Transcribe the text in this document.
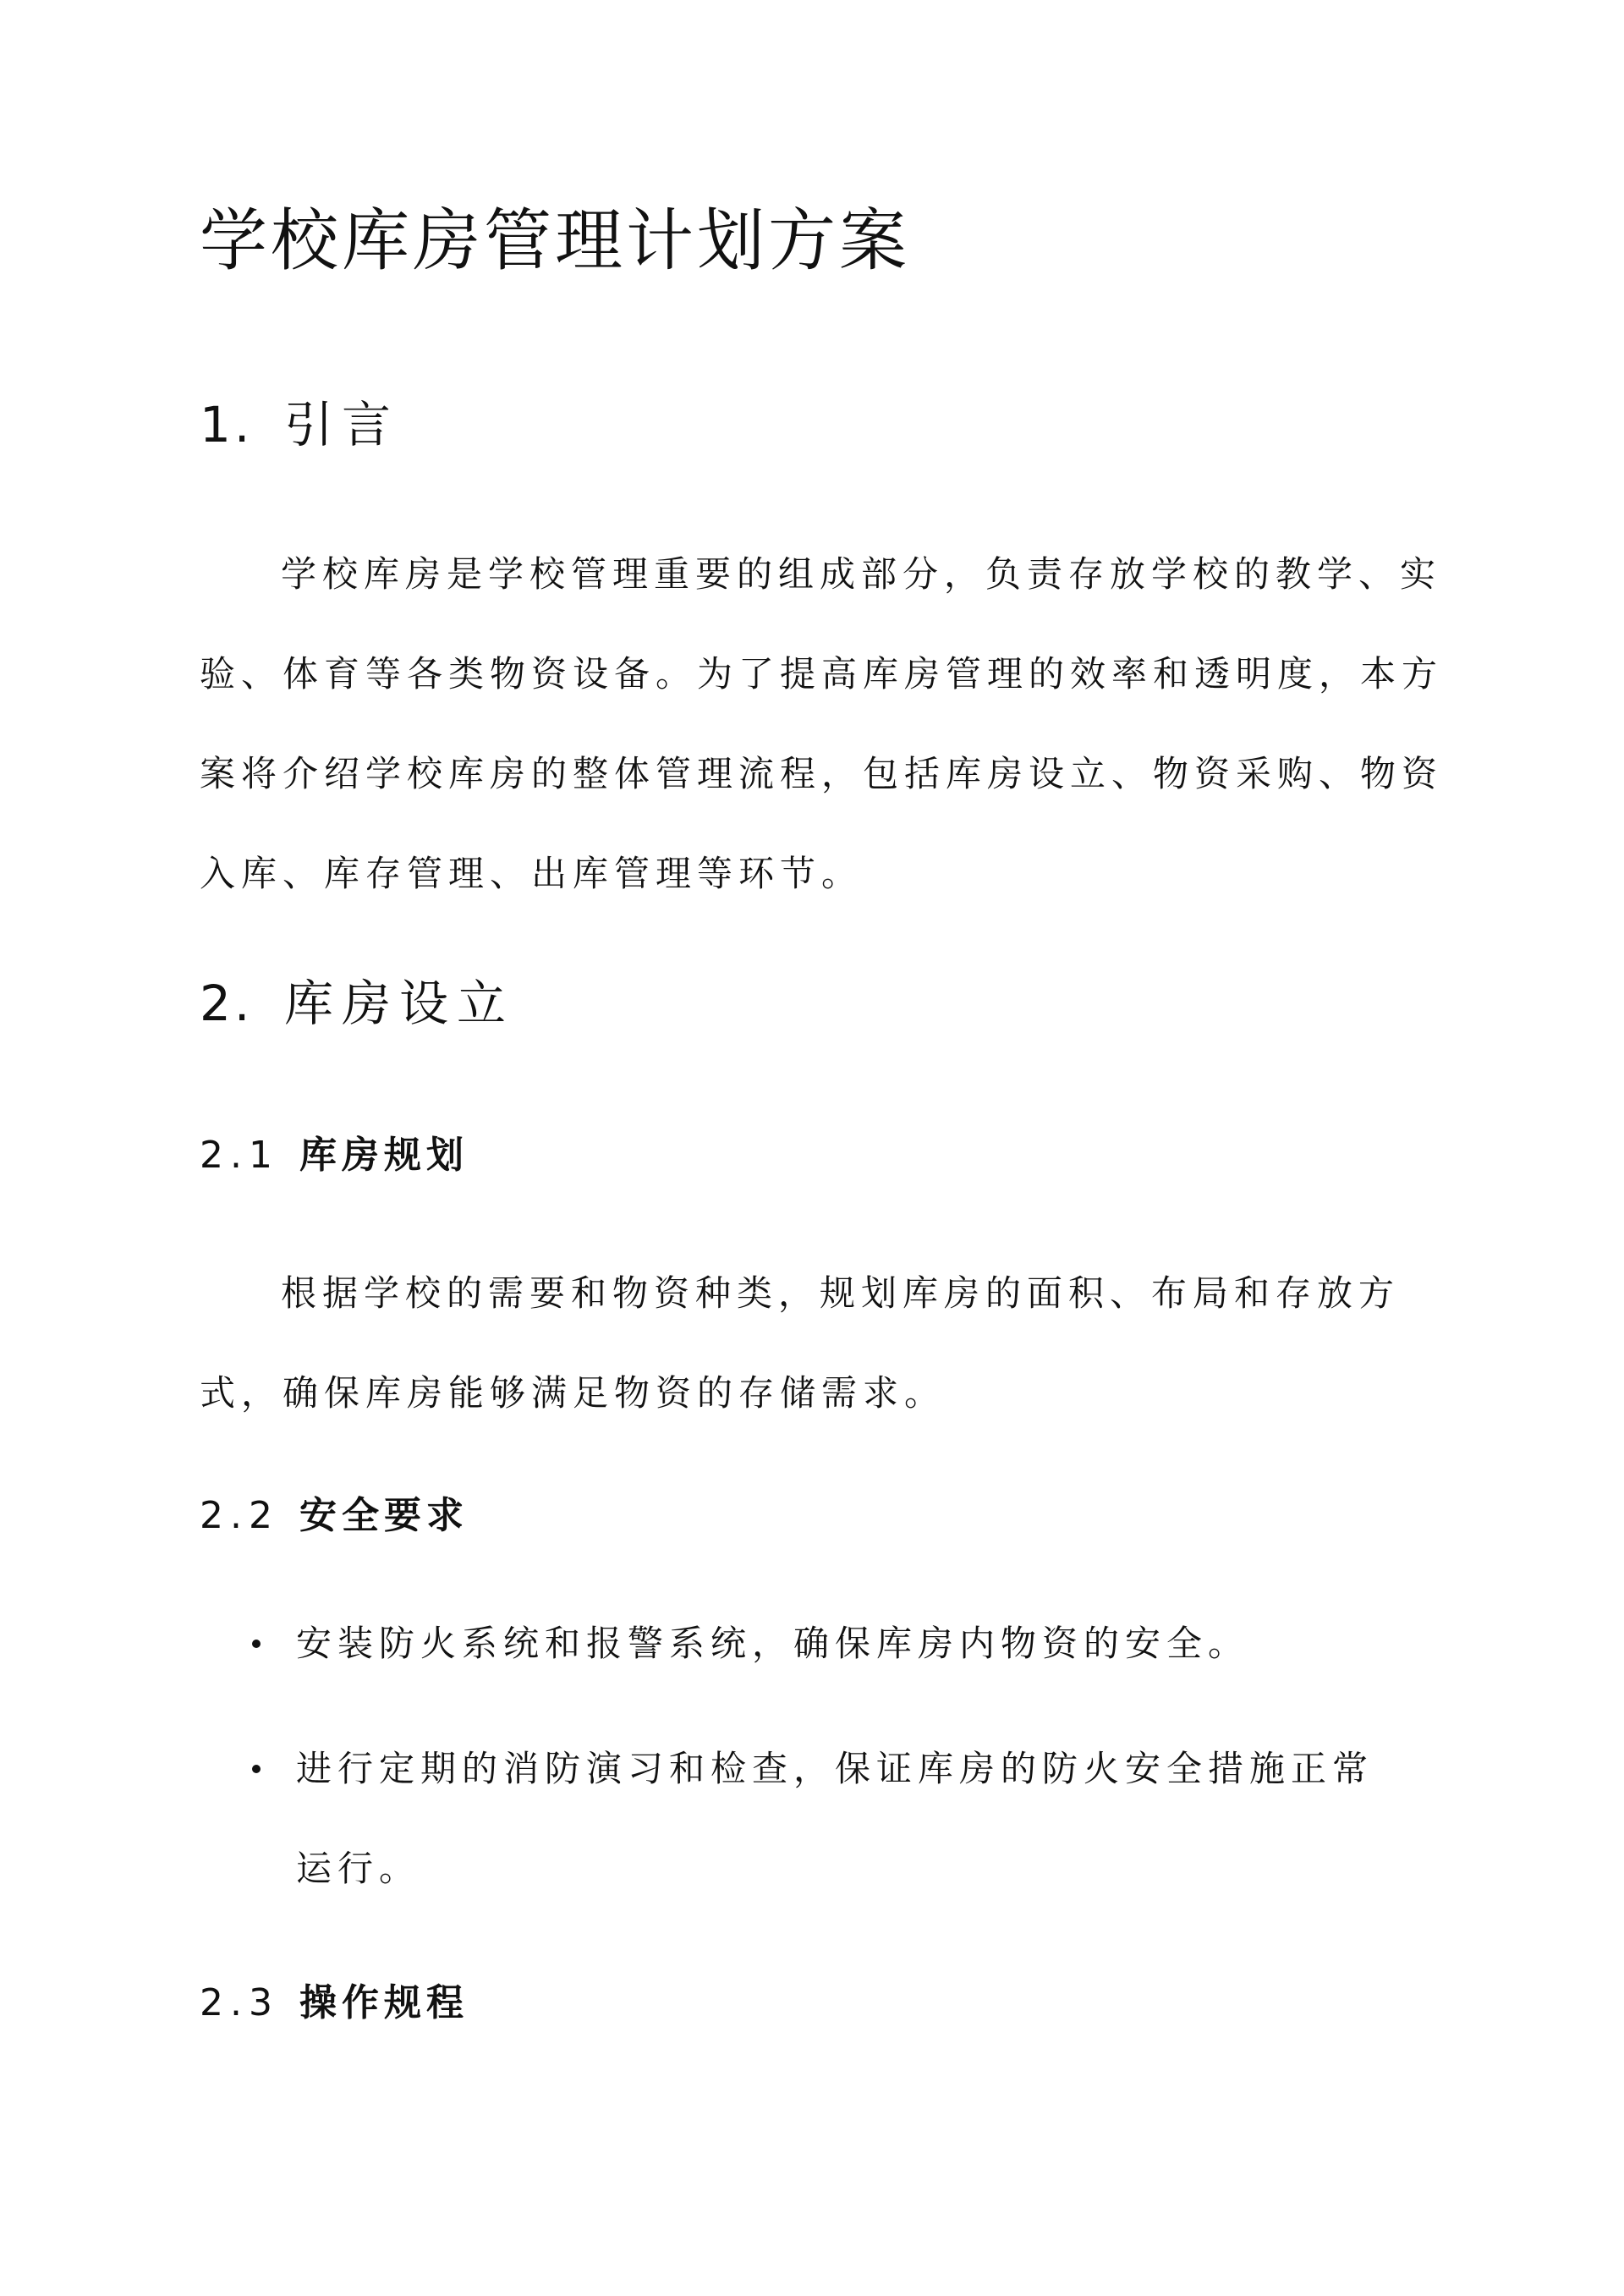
学校库房管理计划方案
1. 引言

学校库房是学校管理重要的组成部分，负责存放学校的教学、实验、体育等各类物资设备。为了提高库房管理的效率和透明度，本方案将介绍学校库房的整体管理流程，包括库房设立、物资采购、物资入库、库存管理、出库管理等环节。

2. 库房设立
2.1 库房规划

根据学校的需要和物资种类，规划库房的面积、布局和存放方式，确保库房能够满足物资的存储需求。

2.2 安全要求
安装防火系统和报警系统，确保库房内物资的安全。
进行定期的消防演习和检查，保证库房的防火安全措施正常运行。
2.3 操作规程
